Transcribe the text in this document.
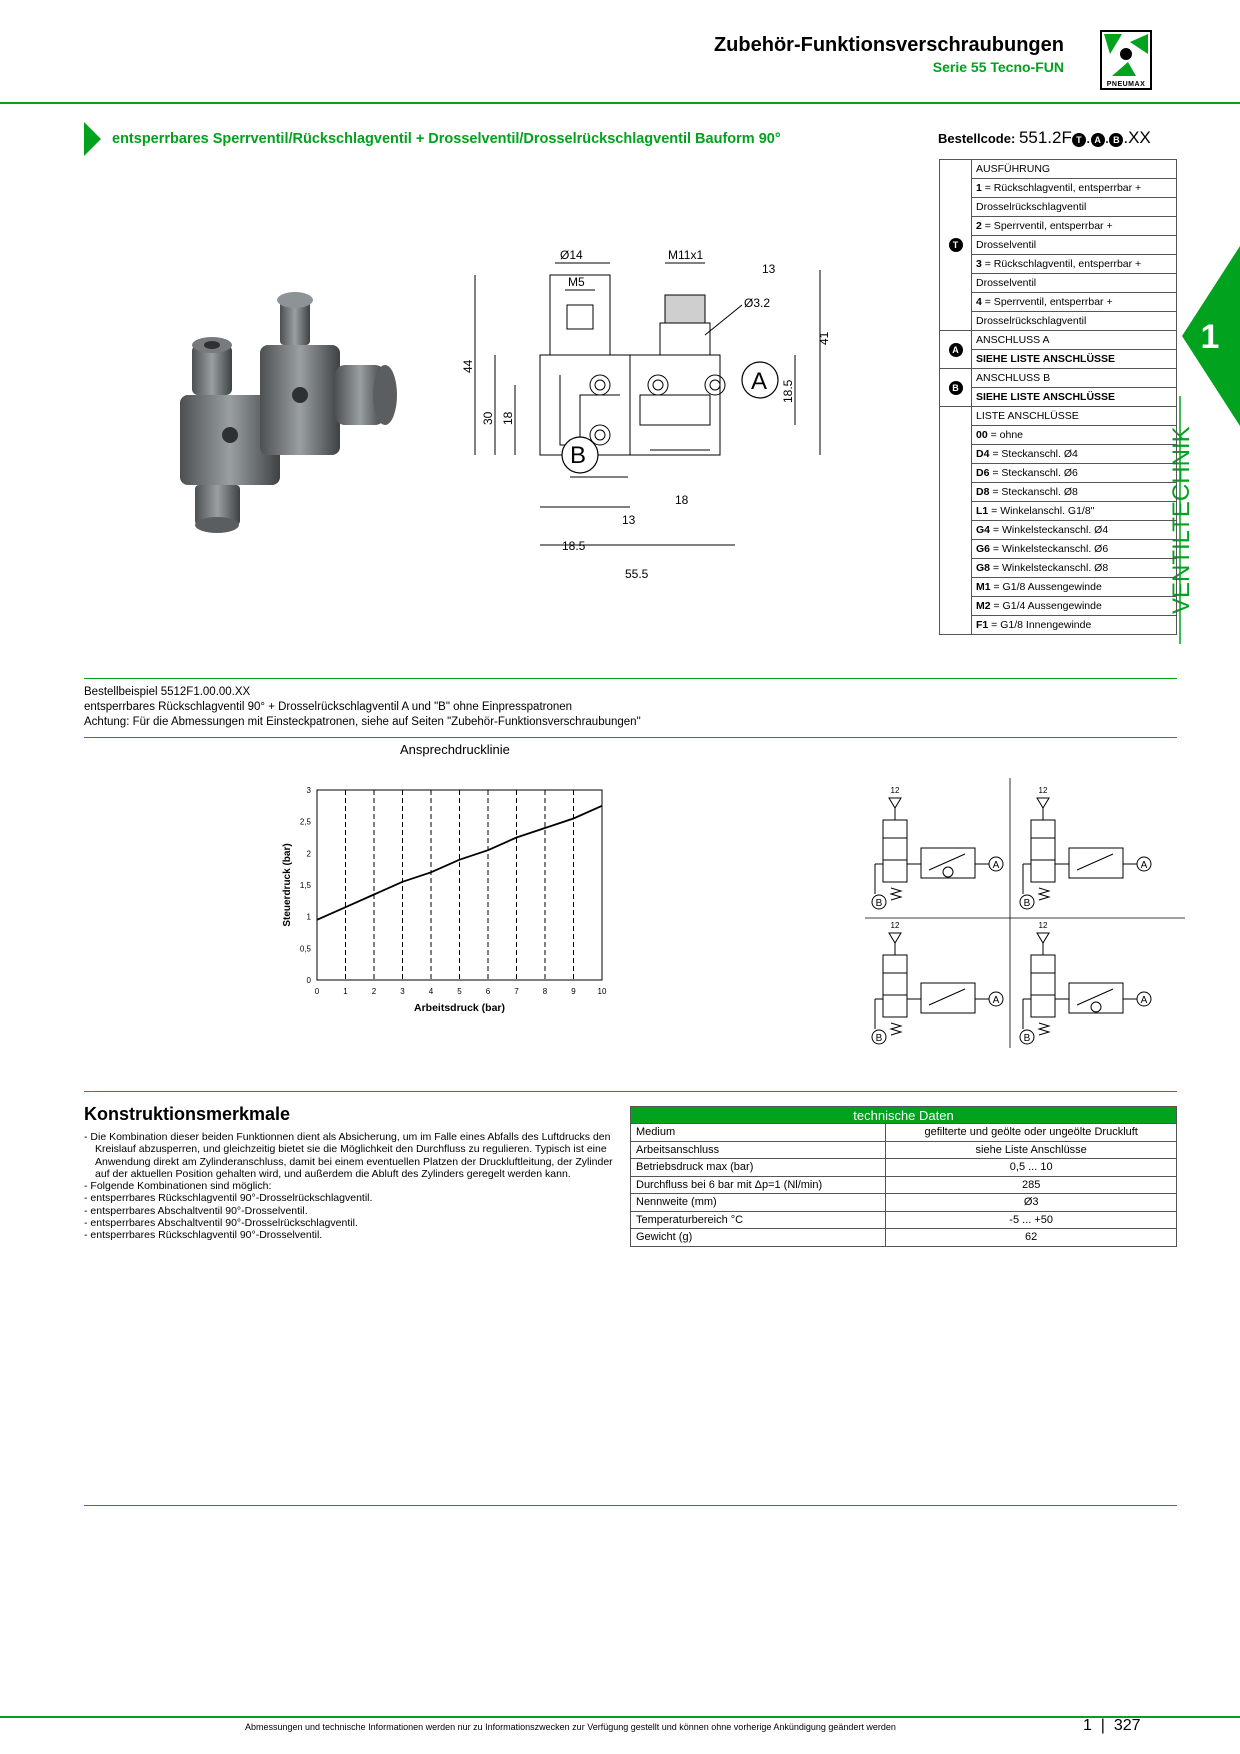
Zubehör-Funktionsverschraubungen
Serie 55 Tecno-FUN
PNEUMAX
1
VENTILTECHNIK
entsperrbares Sperrventil/Rückschlagventil + Drosselventil/Drosselrückschlagventil Bauform 90°	Bestellcode: 551.2F T . A . B .XX
T	AUSFÜHRUNG
	1 = Rückschlagventil, entsperrbar +
	Drosselrückschlagventil
	2 = Sperrventil, entsperrbar +
	Drosselventil
	3 = Rückschlagventil, entsperrbar +
	Drosselventil
	4 = Sperrventil, entsperrbar +
	Drosselrückschlagventil
A	ANSCHLUSS A
	SIEHE LISTE ANSCHLÜSSE
B	ANSCHLUSS B
	SIEHE LISTE ANSCHLÜSSE
	LISTE ANSCHLÜSSE
	00 = ohne
	D4 = Steckanschl. Ø4
	D6 = Steckanschl. Ø6
	D8 = Steckanschl. Ø8
	L1 = Winkelanschl. G1/8"
	G4 = Winkelsteckanschl. Ø4
	G6 = Winkelsteckanschl. Ø6
	G8 = Winkelsteckanschl. Ø8
	M1 = G1/8 Aussengewinde
	M2 = G1/4 Aussengewinde
	F1 = G1/8 Innengewinde
Ø14
M5
M11x1
13
Ø3.2
44
30 18
41
18.5
18
13
18.5
55.5
B
A
Bestellbeispiel 5512F1.00.00.XX
entsperrbares Rückschlagventil 90° + Drosselrückschlagventil A und "B" ohne Einpresspatronen
Achtung: Für die Abmessungen mit Einsteckpatronen, siehe auf Seiten "Zubehör-Funktionsverschraubungen"
Ansprechdrucklinie
0	1	2	3	4	5	6	7	8	9	10
0
0,5
1
1,5
2
2,5
3
Arbeitsdruck (bar)
Steuerdruck (bar)
12
A
B
12
A
B
12
A
B
12
A
B
Konstruktionsmerkmale
- Die Kombination dieser beiden Funktionnen dient als Absicherung, um im Falle eines Abfalls des Luftdrucks den Kreislauf abzusperren, und gleichzeitig bietet sie die Möglichkeit den Durchfluss zu regulieren. Typisch ist eine Anwendung direkt am Zylinderanschluss, damit bei einem eventuellen Platzen der Druckluftleitung, der Zylinder auf der aktuellen Position gehalten wird, und außerdem die Abluft des Zylinders geregelt werden kann.
- Folgende Kombinationen sind möglich:
- entsperrbares Rückschlagventil 90°-Drosselrückschlagventil.
- entsperrbares Abschaltventil 90°-Drosselventil.
- entsperrbares Abschaltventil 90°-Drosselrückschlagventil.
- entsperrbares Rückschlagventil 90°-Drosselventil.
technische Daten	
Medium	gefilterte und geölte oder ungeölte Druckluft
Arbeitsanschluss	siehe Liste Anschlüsse
Betriebsdruck max (bar)	0,5 ... 10
Durchfluss bei 6 bar mit Δp=1 (Nl/min)	285
Nennweite (mm)	Ø3
Temperaturbereich °C	-5 ... +50
Gewicht (g)	62
Abmessungen und technische Informationen werden nur zu Informationszwecken zur Verfügung gestellt und können ohne vorherige Ankündigung geändert werden	1  |  327
